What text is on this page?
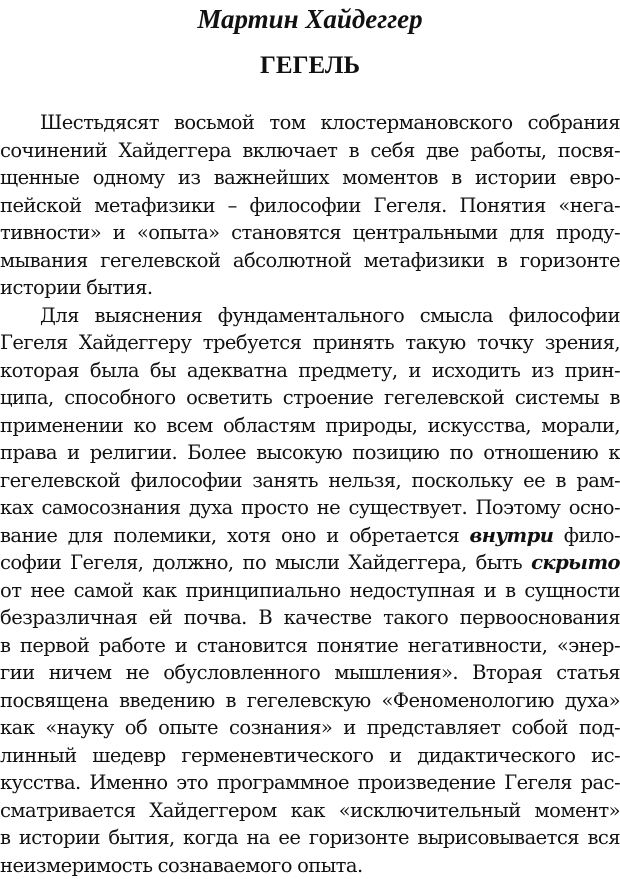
Мартин Хайдеггер
ГЕГЕЛЬ
Шестьдясят восьмой том клостермановского собрания
сочинений Хайдеггера включает в себя две работы, посвя-
щенные одному из важнейших моментов в истории евро-
пейской метафизики – философии Гегеля. Понятия «нега-
тивности» и «опыта» становятся центральными для проду-
мывания гегелевской абсолютной метафизики в горизонте
истории бытия.
Для выяснения фундаментального смысла философии
Гегеля Хайдеггеру требуется принять такую точку зрения,
которая была бы адекватна предмету, и исходить из прин-
ципа, способного осветить строение гегелевской системы в
применении ко всем областям природы, искусства, морали,
права и религии. Более высокую позицию по отношению к
гегелевской философии занять нельзя, поскольку ее в рам-
ках самосознания духа просто не существует. Поэтому осно-
вание для полемики, хотя оно и обретается внутри фило-
софии Гегеля, должно, по мысли Хайдеггера, быть скрыто
от нее самой как принципиально недоступная и в сущности
безразличная ей почва. В качестве такого первооснования
в первой работе и становится понятие негативности, «энер-
гии ничем не обусловленного мышления». Вторая статья
посвящена введению в гегелевскую «Феноменологию духа»
как «науку об опыте сознания» и представляет собой под-
линный шедевр герменевтического и дидактического ис-
кусства. Именно это программное произведение Гегеля рас-
сматривается Хайдеггером как «исключительный момент»
в истории бытия, когда на ее горизонте вырисовывается вся
неизмеримость сознаваемого опыта.
